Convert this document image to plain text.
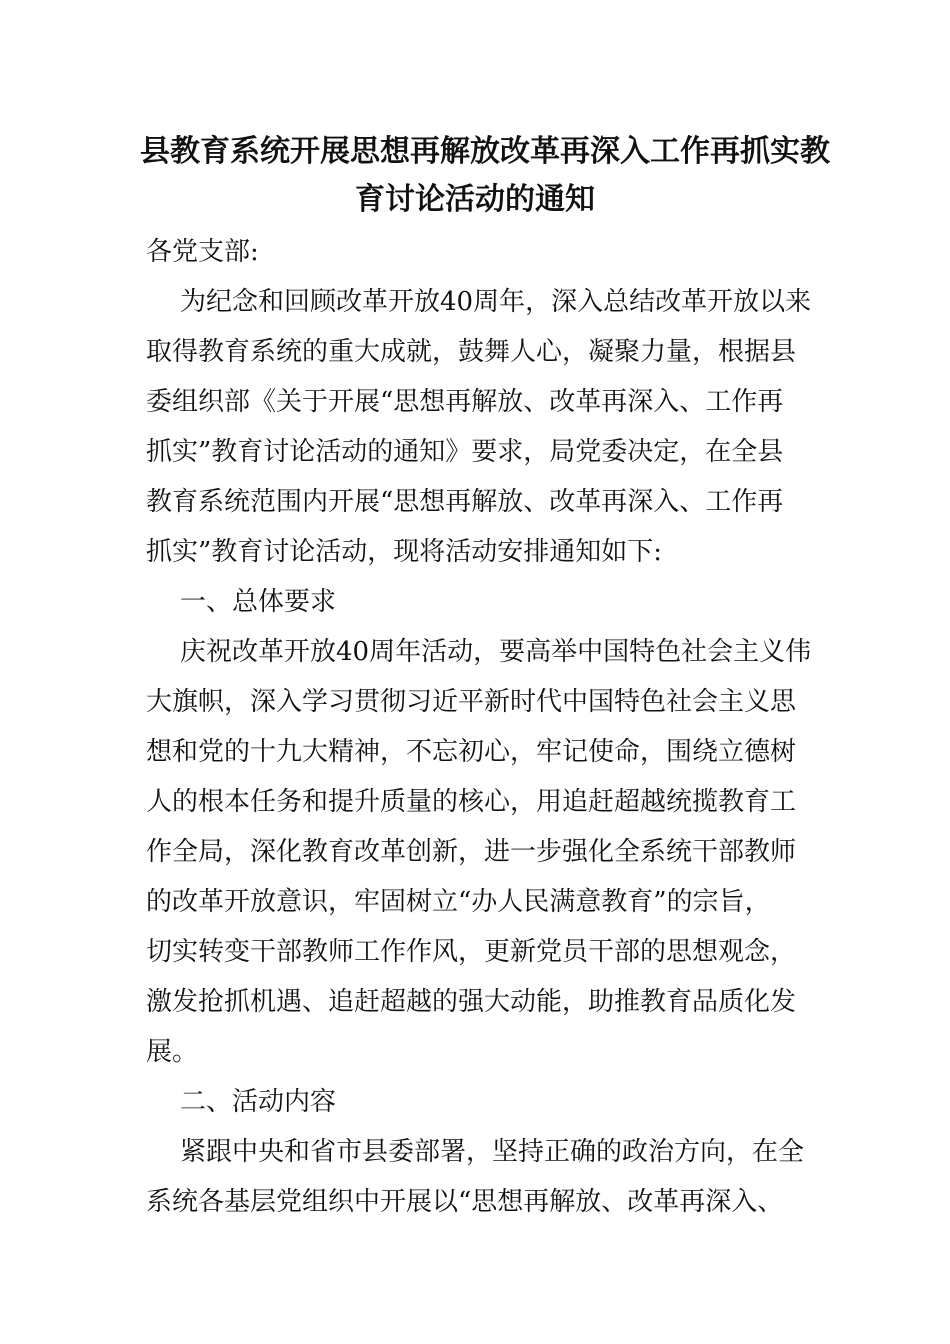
县教育系统开展思想再解放改革再深入工作再抓实教
育讨论活动的通知
各党支部:
为纪念和回顾改革开放40周年，深入总结改革开放以来
取得教育系统的重大成就，鼓舞人心，凝聚力量，根据县
委组织部《关于开展“思想再解放、改革再深入、工作再
抓实”教育讨论活动的通知》要求，局党委决定，在全县
教育系统范围内开展“思想再解放、改革再深入、工作再
抓实”教育讨论活动，现将活动安排通知如下:
一、总体要求
庆祝改革开放40周年活动，要高举中国特色社会主义伟
大旗帜，深入学习贯彻习近平新时代中国特色社会主义思
想和党的十九大精神，不忘初心，牢记使命，围绕立德树
人的根本任务和提升质量的核心，用追赶超越统揽教育工
作全局，深化教育改革创新，进一步强化全系统干部教师
的改革开放意识，牢固树立“办人民满意教育”的宗旨，
切实转变干部教师工作作风，更新党员干部的思想观念，
激发抢抓机遇、追赶超越的强大动能，助推教育品质化发
展。
二、活动内容
紧跟中央和省市县委部署，坚持正确的政治方向，在全
系统各基层党组织中开展以“思想再解放、改革再深入、
